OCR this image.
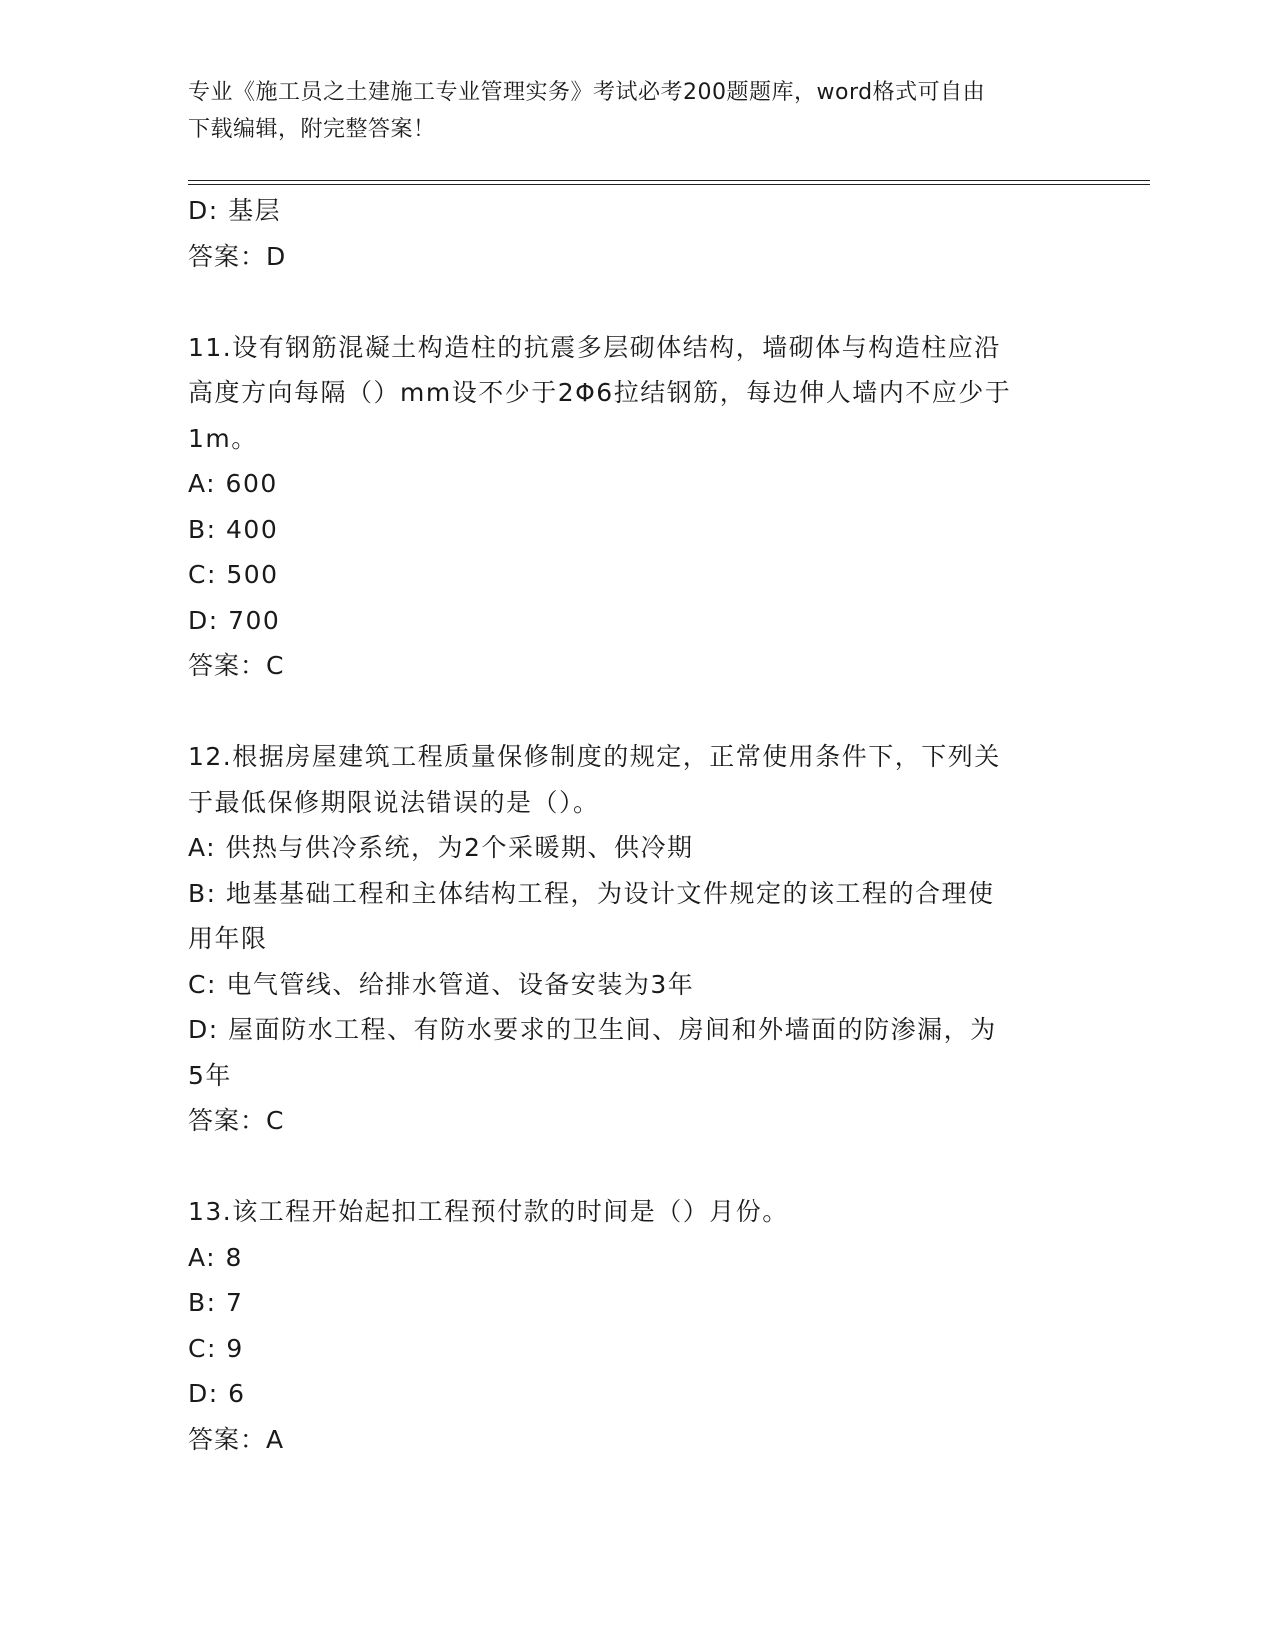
专业《施工员之土建施工专业管理实务》考试必考200题题库，word格式可自由
下载编辑，附完整答案！
D: 基层
答案：D
11.设有钢筋混凝土构造柱的抗震多层砌体结构，墙砌体与构造柱应沿
高度方向每隔（）mm设不少于2Φ6拉结钢筋，每边伸人墙内不应少于
1m。
A: 600
B: 400
C: 500
D: 700
答案：C
12.根据房屋建筑工程质量保修制度的规定，正常使用条件下，下列关
于最低保修期限说法错误的是（）。
A: 供热与供冷系统，为2个采暖期、供冷期
B: 地基基础工程和主体结构工程，为设计文件规定的该工程的合理使
用年限
C: 电气管线、给排水管道、设备安装为3年
D: 屋面防水工程、有防水要求的卫生间、房间和外墙面的防渗漏，为
5年
答案：C
13.该工程开始起扣工程预付款的时间是（）月份。
A: 8
B: 7
C: 9
D: 6
答案：A
